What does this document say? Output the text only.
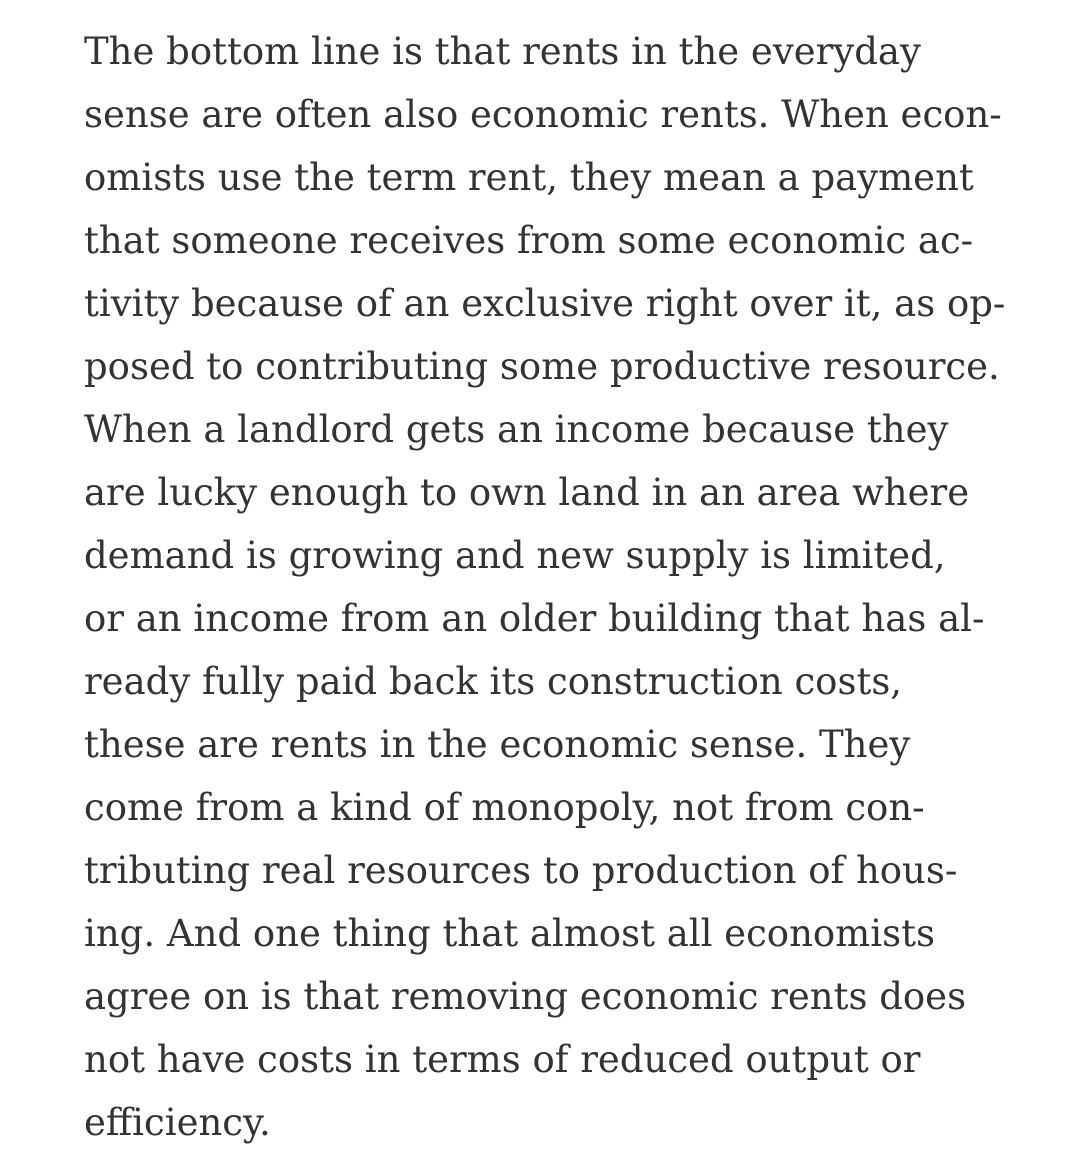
The bottom line is that rents in the everyday
sense are often also economic rents. When econ-
omists use the term rent, they mean a payment
that someone receives from some economic ac-
tivity because of an exclusive right over it, as op-
posed to contributing some productive resource.
When a landlord gets an income because they
are lucky enough to own land in an area where
demand is growing and new supply is limited,
or an income from an older building that has al-
ready fully paid back its construction costs,
these are rents in the economic sense. They
come from a kind of monopoly, not from con-
tributing real resources to production of hous-
ing. And one thing that almost all economists
agree on is that removing economic rents does
not have costs in terms of reduced output or
efficiency.
